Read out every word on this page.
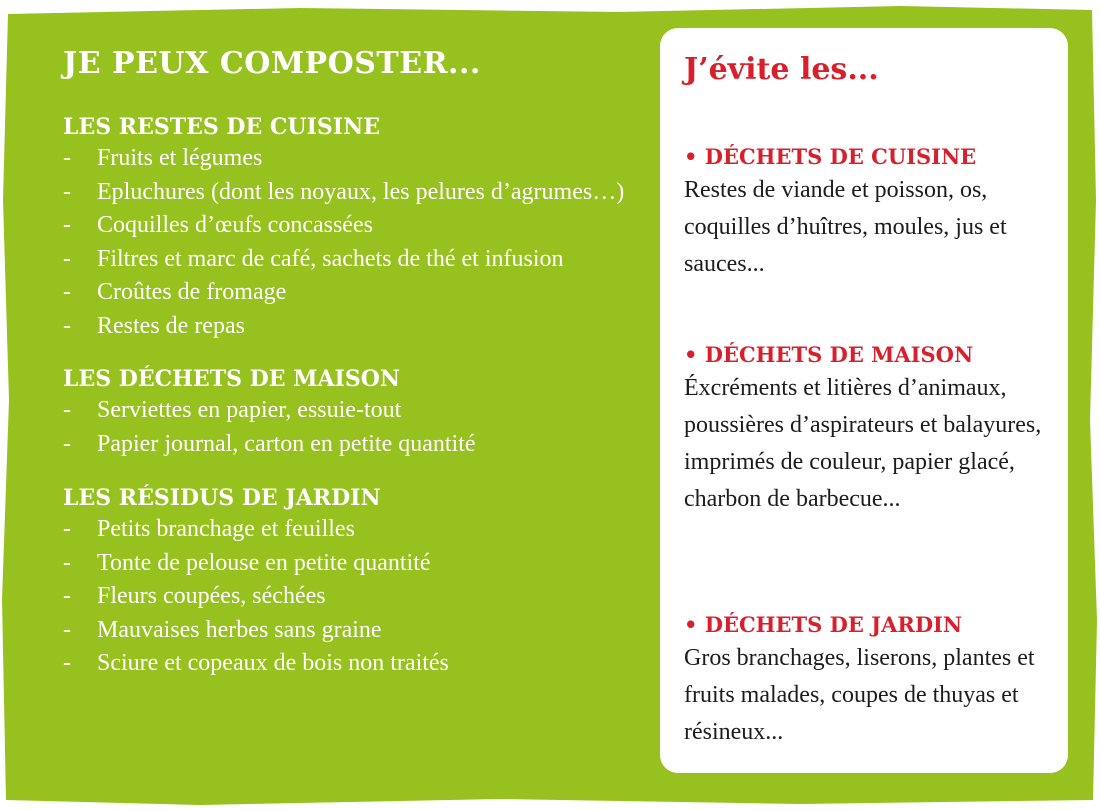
JE PEUX COMPOSTER...
LES RESTES DE CUISINE
- Fruits et légumes
- Epluchures (dont les noyaux, les pelures d’agrumes…)
- Coquilles d’œufs concassées
- Filtres et marc de café, sachets de thé et infusion
- Croûtes de fromage
- Restes de repas
LES DÉCHETS DE MAISON
- Serviettes en papier, essuie-tout
- Papier journal, carton en petite quantité
LES RÉSIDUS DE JARDIN
- Petits branchage et feuilles
- Tonte de pelouse en petite quantité
- Fleurs coupées, séchées
- Mauvaises herbes sans graine
- Sciure et copeaux de bois non traités
J’évite les...
• DÉCHETS DE CUISINE

Restes de viande et poisson, os, coquilles d’huîtres, moules, jus et sauces...

• DÉCHETS DE MAISON

Éxcréments et litières d’animaux, poussières d’aspirateurs et balayures, imprimés de couleur, papier glacé, charbon de barbecue...

• DÉCHETS DE JARDIN

Gros branchages, liserons, plantes et fruits malades, coupes de thuyas et résineux...
